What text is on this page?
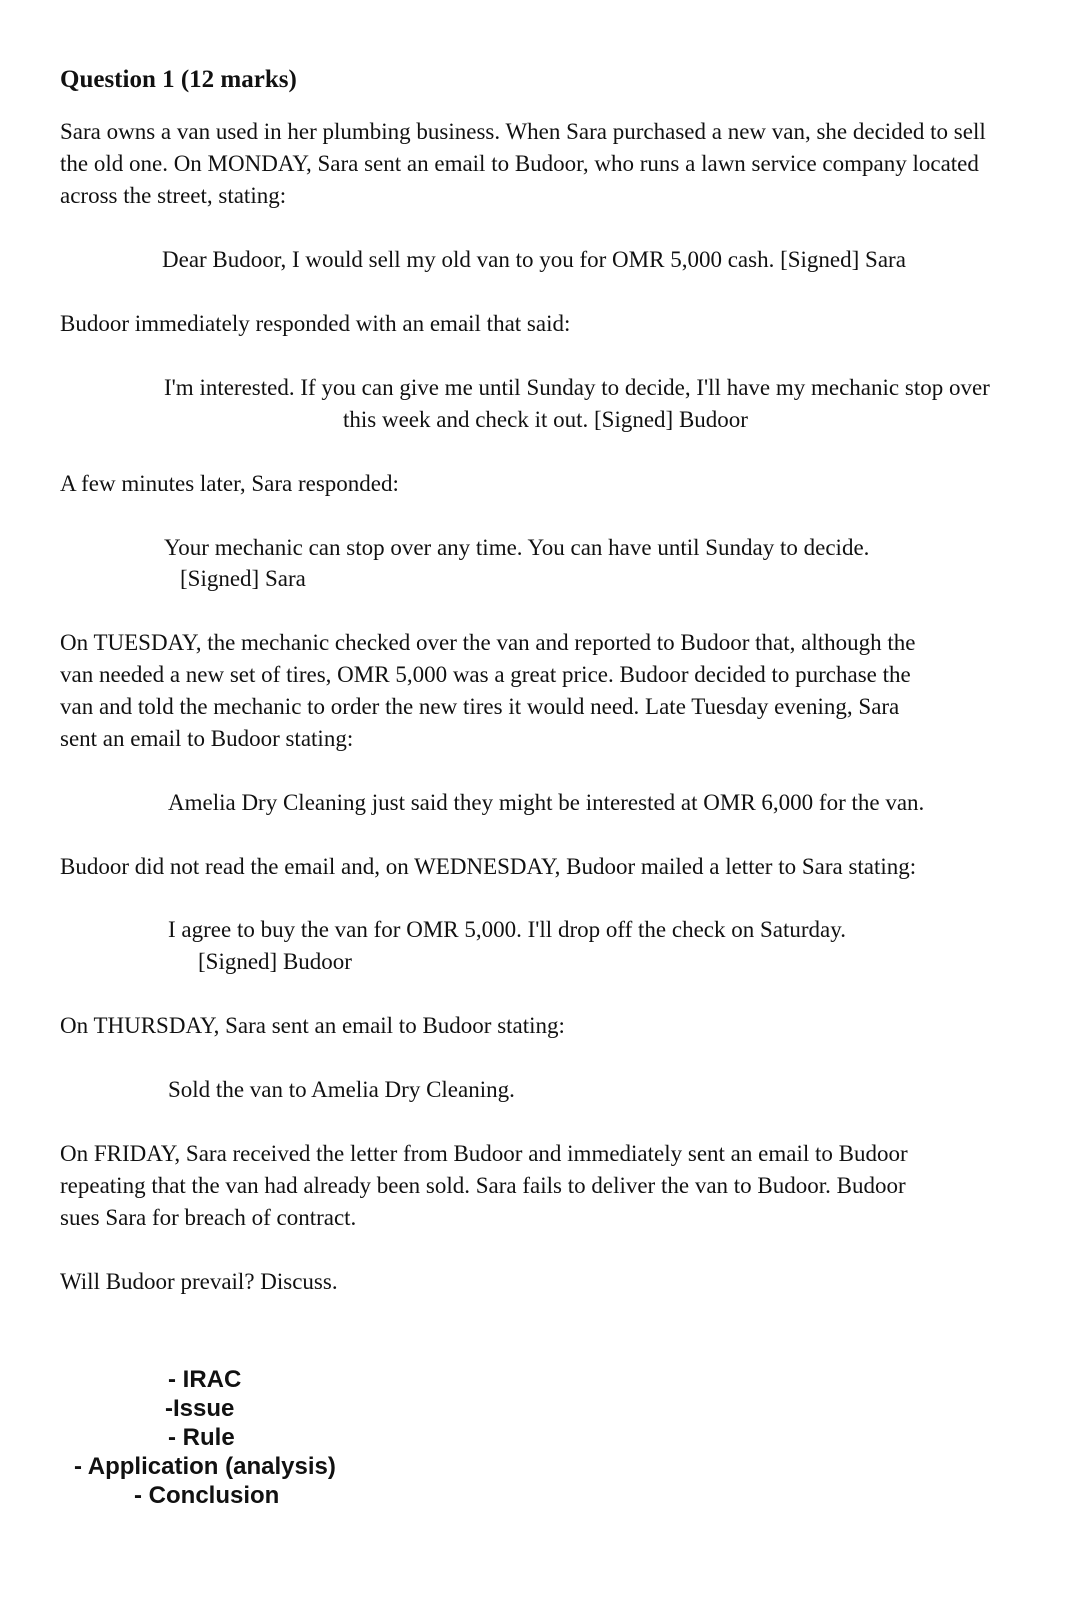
Question 1 (12 marks)

Sara owns a van used in her plumbing business. When Sara purchased a new van, she decided to sell

the old one. On MONDAY, Sara sent an email to Budoor, who runs a lawn service company located

across the street, stating:

Dear Budoor, I would sell my old van to you for OMR 5,000 cash. [Signed] Sara

Budoor immediately responded with an email that said:

I'm interested. If you can give me until Sunday to decide, I'll have my mechanic stop over

this week and check it out. [Signed] Budoor

A few minutes later, Sara responded:

Your mechanic can stop over any time. You can have until Sunday to decide.

[Signed] Sara

On TUESDAY, the mechanic checked over the van and reported to Budoor that, although the

van needed a new set of tires, OMR 5,000 was a great price. Budoor decided to purchase the

van and told the mechanic to order the new tires it would need. Late Tuesday evening, Sara

sent an email to Budoor stating:

Amelia Dry Cleaning just said they might be interested at OMR 6,000 for the van.

Budoor did not read the email and, on WEDNESDAY, Budoor mailed a letter to Sara stating:

I agree to buy the van for OMR 5,000. I'll drop off the check on Saturday.

[Signed] Budoor

On THURSDAY, Sara sent an email to Budoor stating:

Sold the van to Amelia Dry Cleaning.

On FRIDAY, Sara received the letter from Budoor and immediately sent an email to Budoor

repeating that the van had already been sold. Sara fails to deliver the van to Budoor. Budoor

sues Sara for breach of contract.

Will Budoor prevail? Discuss.

- IRAC

-Issue

- Rule

- Application (analysis)

- Conclusion
